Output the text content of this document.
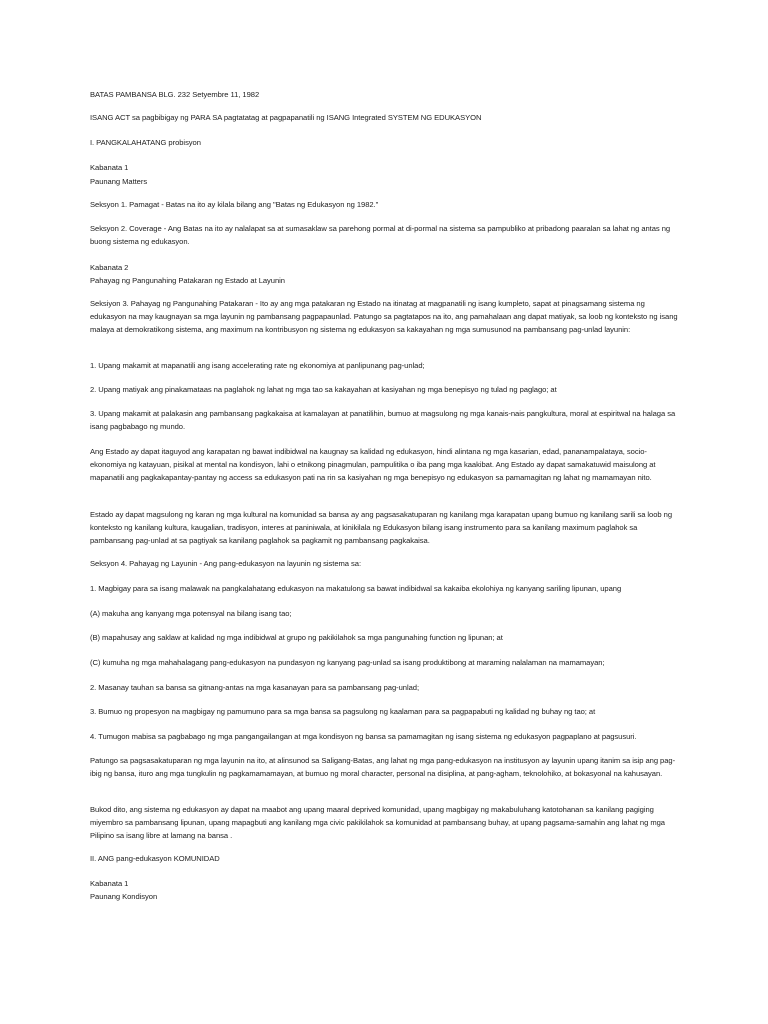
BATAS PAMBANSA BLG. 232 Setyembre 11, 1982

ISANG ACT sa pagbibigay ng PARA SA pagtatatag at pagpapanatili ng ISANG Integrated SYSTEM NG EDUKASYON

I. PANGKALAHATANG probisyon

Kabanata 1

Paunang Matters

Seksyon 1. Pamagat - Batas na ito ay kilala bilang ang "Batas ng Edukasyon ng 1982."

Seksyon 2. Coverage - Ang Batas na ito ay nalalapat sa at sumasaklaw sa parehong pormal at di-pormal na sistema sa pampubliko at pribadong paaralan sa lahat ng antas ng buong sistema ng edukasyon.

Kabanata 2

Pahayag ng Pangunahing Patakaran ng Estado at Layunin

Seksiyon 3. Pahayag ng Pangunahing Patakaran - Ito ay ang mga patakaran ng Estado na itinatag at magpanatili ng isang kumpleto, sapat at pinagsamang sistema ng edukasyon na may kaugnayan sa mga layunin ng pambansang pagpapaunlad. Patungo sa pagtatapos na ito, ang pamahalaan ang dapat matiyak, sa loob ng konteksto ng isang malaya at demokratikong sistema, ang maximum na kontribusyon ng sistema ng edukasyon sa kakayahan ng mga sumusunod na pambansang pag-unlad layunin:

1. Upang makamit at mapanatili ang isang accelerating rate ng ekonomiya at panlipunang pag-unlad;

2. Upang matiyak ang pinakamataas na paglahok ng lahat ng mga tao sa kakayahan at kasiyahan ng mga benepisyo ng tulad ng paglago; at

3. Upang makamit at palakasin ang pambansang pagkakaisa at kamalayan at panatilihin, bumuo at magsulong ng mga kanais-nais pangkultura, moral at espiritwal na halaga sa isang pagbabago ng mundo.

Ang Estado ay dapat itaguyod ang karapatan ng bawat indibidwal na kaugnay sa kalidad ng edukasyon, hindi alintana ng mga kasarian, edad, pananampalataya, socio-ekonomiya ng katayuan, pisikal at mental na kondisyon, lahi o etnikong pinagmulan, pampulitika o iba pang mga kaakibat. Ang Estado ay dapat samakatuwid maisulong at mapanatili ang pagkakapantay-pantay ng access sa edukasyon pati na rin sa kasiyahan ng mga benepisyo ng edukasyon sa pamamagitan ng lahat ng mamamayan nito.

Estado ay dapat magsulong ng karan ng mga kultural na komunidad sa bansa ay ang pagsasakatuparan ng kanilang mga karapatan upang bumuo ng kanilang sarili sa loob ng konteksto ng kanilang kultura, kaugalian, tradisyon, interes at paniniwala, at kinikilala ng Edukasyon bilang isang instrumento para sa kanilang maximum paglahok sa pambansang pag-unlad at sa pagtiyak sa kanilang paglahok sa pagkamit ng pambansang pagkakaisa.

Seksyon 4. Pahayag ng Layunin - Ang pang-edukasyon na layunin ng sistema sa:

1. Magbigay para sa isang malawak na pangkalahatang edukasyon na makatulong sa bawat indibidwal sa kakaiba ekolohiya ng kanyang sariling lipunan, upang

(A) makuha ang kanyang mga potensyal na bilang isang tao;

(B) mapahusay ang saklaw at kalidad ng mga indibidwal at grupo ng pakikilahok sa mga pangunahing function ng lipunan; at

(C) kumuha ng mga mahahalagang pang-edukasyon na pundasyon ng kanyang pag-unlad sa isang produktibong at maraming nalalaman na mamamayan;

2. Masanay tauhan sa bansa sa gitnang-antas na mga kasanayan para sa pambansang pag-unlad;

3. Bumuo ng propesyon na magbigay ng pamumuno para sa mga bansa sa pagsulong ng kaalaman para sa pagpapabuti ng kalidad ng buhay ng tao; at

4. Tumugon mabisa sa pagbabago ng mga pangangailangan at mga kondisyon ng bansa sa pamamagitan ng isang sistema ng edukasyon pagpaplano at pagsusuri.

Patungo sa pagsasakatuparan ng mga layunin na ito, at alinsunod sa Saligang-Batas, ang lahat ng mga pang-edukasyon na institusyon ay layunin upang itanim sa isip ang pag-ibig ng bansa, ituro ang mga tungkulin ng pagkamamamayan, at bumuo ng moral character, personal na disiplina, at pang-agham, teknolohiko, at bokasyonal na kahusayan.

Bukod dito, ang sistema ng edukasyon ay dapat na maabot ang upang maaral deprived komunidad, upang magbigay ng makabuluhang katotohanan sa kanilang pagiging miyembro sa pambansang lipunan, upang mapagbuti ang kanilang mga civic pakikilahok sa komunidad at pambansang buhay, at upang pagsama-samahin ang lahat ng mga Pilipino sa isang libre at lamang na bansa .

II. ANG pang-edukasyon KOMUNIDAD

Kabanata 1

Paunang Kondisyon
